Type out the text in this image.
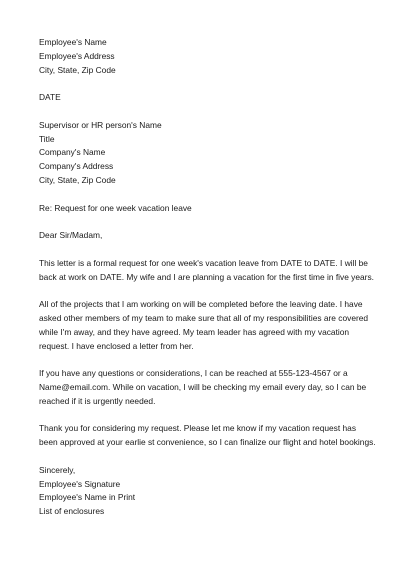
Employee's Name
Employee's Address
City, State, Zip Code
DATE
Supervisor or HR person's Name
Title
Company's Name
Company's Address
City, State, Zip Code
Re: Request for one week vacation leave
Dear Sir/Madam,
This letter is a formal request for one week's vacation leave from DATE to DATE. I will be
back at work on DATE. My wife and I are planning a vacation for the first time in five years.
All of the projects that I am working on will be completed before the leaving date. I have
asked other members of my team to make sure that all of my responsibilities are covered
while I'm away, and they have agreed. My team leader has agreed with my vacation
request. I have enclosed a letter from her.
If you have any questions or considerations, I can be reached at 555-123-4567 or a
Name@email.com. While on vacation, I will be checking my email every day, so I can be
reached if it is urgently needed.
Thank you for considering my request. Please let me know if my vacation request has
been approved at your earlie st convenience, so I can finalize our flight and hotel bookings.
Sincerely,
Employee's Signature
Employee's Name in Print
List of enclosures
